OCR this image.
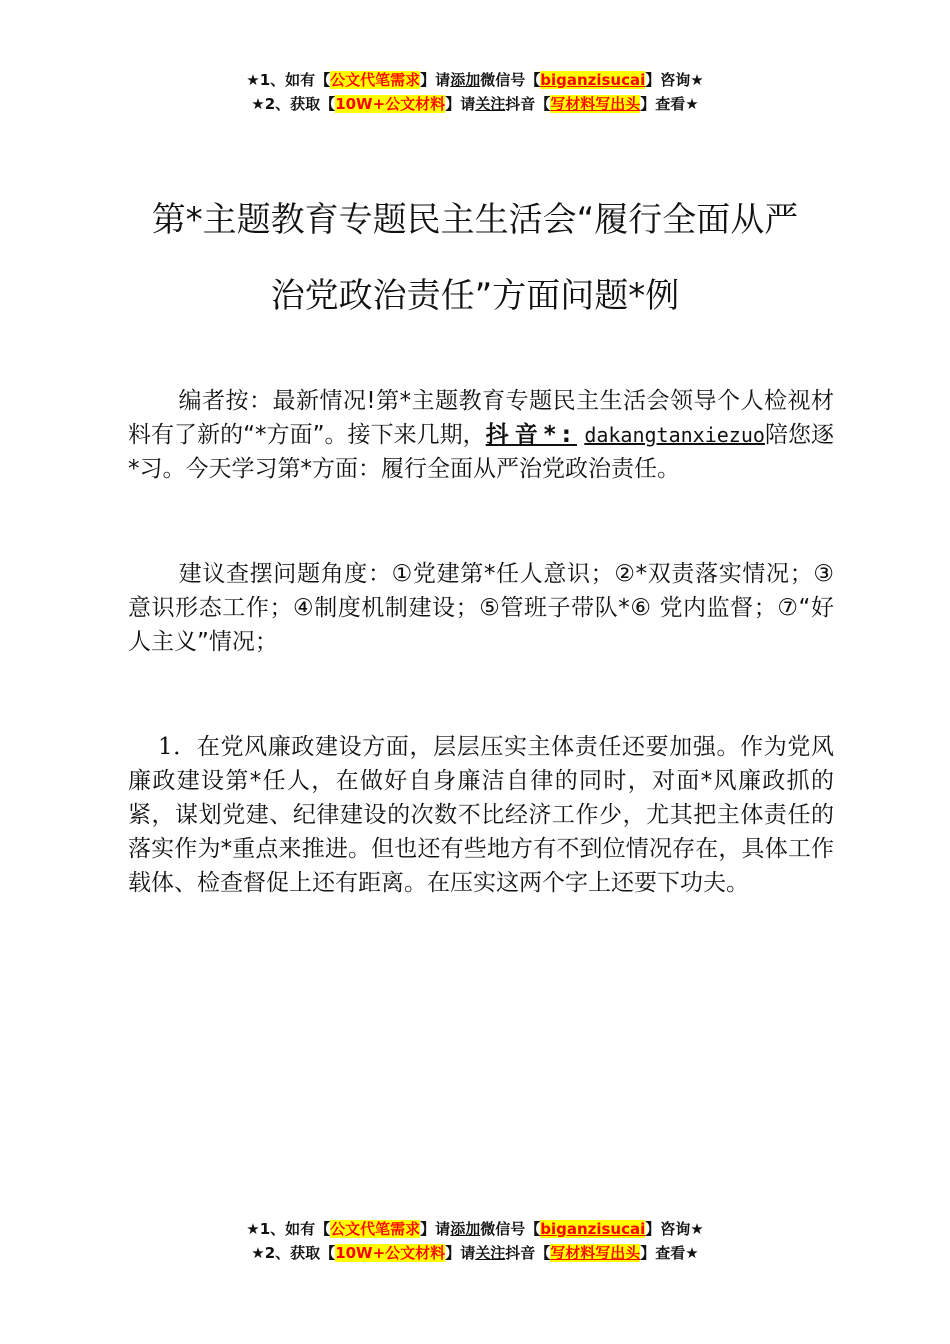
★1、如有【公文代笔需求】请添加微信号【biganzisucai】咨询★
★2、获取【10W+公文材料】请关注抖音【写材料写出头】查看★
第*主题教育专题民主生活会“履行全面从严
治党政治责任”方面问题*例
编者按：最新情况!第*主题教育专题民主生活会领导个人检视材料有了新的“*方面”。接下来几期，抖音*: dakangtanxiezuo陪您逐*习。今天学习第*方面：履行全面从严治党政治责任。
建议查摆问题角度：①党建第*任人意识；②*双责落实情况；③意识形态工作；④制度机制建设；⑤管班子带队*⑥ 党内监督；⑦“好人主义”情况；
1．在党风廉政建设方面，层层压实主体责任还要加强。作为党风廉政建设第*任人，在做好自身廉洁自律的同时，对面*风廉政抓的紧，谋划党建、纪律建设的次数不比经济工作少，尤其把主体责任的落实作为*重点来推进。但也还有些地方有不到位情况存在，具体工作载体、检查督促上还有距离。在压实这两个字上还要下功夫。
★1、如有【公文代笔需求】请添加微信号【biganzisucai】咨询★
★2、获取【10W+公文材料】请关注抖音【写材料写出头】查看★
